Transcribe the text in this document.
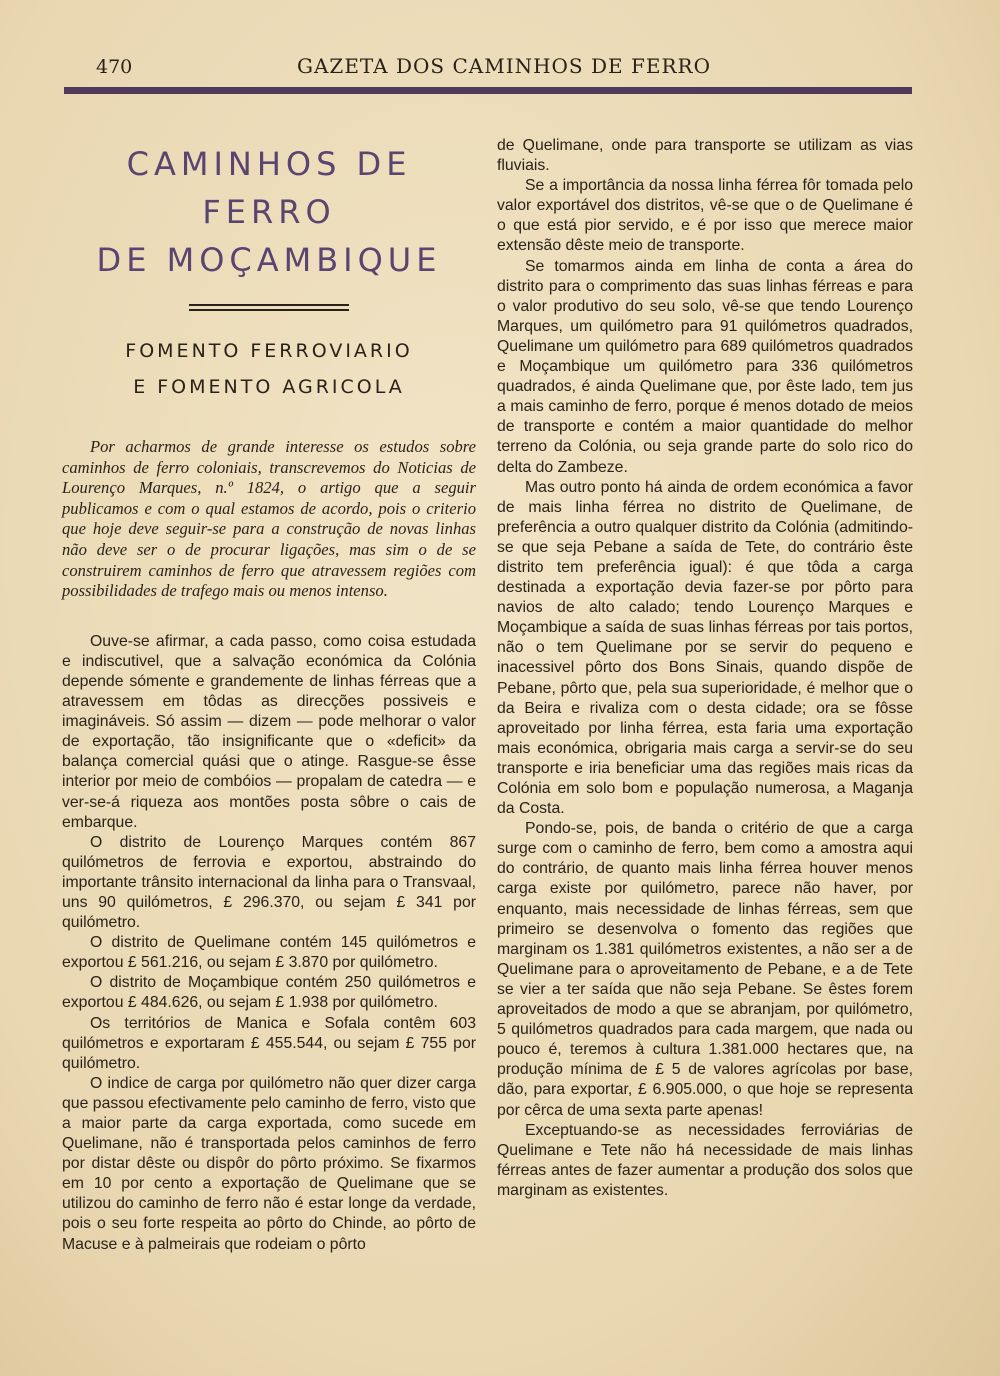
470	GAZETA DOS CAMINHOS DE FERRO
CAMINHOS DE FERRO
DE MOÇAMBIQUE
FOMENTO FERROVIARIO
E FOMENTO AGRICOLA

Por acharmos de grande interesse os estudos sobre caminhos de ferro coloniais, transcrevemos do Noticias de Lourenço Marques, n.º 1824, o artigo que a seguir publicamos e com o qual estamos de acordo, pois o criterio que hoje deve seguir-se para a construção de novas linhas não deve ser o de procurar ligações, mas sim o de se construirem caminhos de ferro que atravessem regiões com possibilidades de trafego mais ou menos intenso.

Ouve-se afirmar, a cada passo, como coisa estudada e indiscutivel, que a salvação económica da Colónia depende sómente e grandemente de linhas férreas que a atravessem em tôdas as direcções possiveis e imagináveis. Só assim — dizem — pode melhorar o valor de exportação, tão insignificante que o «deficit» da balança comercial quási que o atinge. Rasgue-se êsse interior por meio de combóios — propalam de catedra — e ver-se-á riqueza aos montões posta sôbre o cais de embarque.

O distrito de Lourenço Marques contém 867 quilómetros de ferrovia e exportou, abstraindo do importante trânsito internacional da linha para o Transvaal, uns 90 quilómetros, £ 296.370, ou sejam £ 341 por quilómetro.

O distrito de Quelimane contém 145 quilómetros e exportou £ 561.216, ou sejam £ 3.870 por quilómetro.

O distrito de Moçambique contém 250 quilómetros e exportou £ 484.626, ou sejam £ 1.938 por quilómetro.

Os territórios de Manica e Sofala contêm 603 quilómetros e exportaram £ 455.544, ou sejam £ 755 por quilómetro.

O indice de carga por quilómetro não quer dizer carga que passou efectivamente pelo caminho de ferro, visto que a maior parte da carga exportada, como sucede em Quelimane, não é transportada pelos caminhos de ferro por distar dêste ou dispôr do pôrto próximo. Se fixarmos em 10 por cento a exportação de Quelimane que se utilizou do caminho de ferro não é estar longe da verdade, pois o seu forte respeita ao pôrto do Chinde, ao pôrto de Macuse e à palmeirais que rodeiam o pôrto

de Quelimane, onde para transporte se utilizam as vias fluviais.

Se a importância da nossa linha férrea fôr tomada pelo valor exportável dos distritos, vê-se que o de Quelimane é o que está pior servido, e é por isso que merece maior extensão dêste meio de transporte.

Se tomarmos ainda em linha de conta a área do distrito para o comprimento das suas linhas férreas e para o valor produtivo do seu solo, vê-se que tendo Lourenço Marques, um quilómetro para 91 quilómetros quadrados, Quelimane um quilómetro para 689 quilómetros quadrados e Moçambique um quilómetro para 336 quilómetros quadrados, é ainda Quelimane que, por êste lado, tem jus a mais caminho de ferro, porque é menos dotado de meios de transporte e contém a maior quantidade do melhor terreno da Colónia, ou seja grande parte do solo rico do delta do Zambeze.

Mas outro ponto há ainda de ordem económica a favor de mais linha férrea no distrito de Quelimane, de preferência a outro qualquer distrito da Colónia (admitindo-se que seja Pebane a saída de Tete, do contrário êste distrito tem preferência igual): é que tôda a carga destinada a exportação devia fazer-se por pôrto para navios de alto calado; tendo Lourenço Marques e Moçambique a saída de suas linhas férreas por tais portos, não o tem Quelimane por se servir do pequeno e inacessivel pôrto dos Bons Sinais, quando dispõe de Pebane, pôrto que, pela sua superioridade, é melhor que o da Beira e rivaliza com o desta cidade; ora se fôsse aproveitado por linha férrea, esta faria uma exportação mais económica, obrigaria mais carga a servir-se do seu transporte e iria beneficiar uma das regiões mais ricas da Colónia em solo bom e população numerosa, a Maganja da Costa.

Pondo-se, pois, de banda o critério de que a carga surge com o caminho de ferro, bem como a amostra aqui do contrário, de quanto mais linha férrea houver menos carga existe por quilómetro, parece não haver, por enquanto, mais necessidade de linhas férreas, sem que primeiro se desenvolva o fomento das regiões que marginam os 1.381 quilómetros existentes, a não ser a de Quelimane para o aproveitamento de Pebane, e a de Tete se vier a ter saída que não seja Pebane. Se êstes forem aproveitados de modo a que se abranjam, por quilómetro, 5 quilómetros quadrados para cada margem, que nada ou pouco é, teremos à cultura 1.381.000 hectares que, na produção mínima de £ 5 de valores agrícolas por base, dão, para exportar, £ 6.905.000, o que hoje se representa por cêrca de uma sexta parte apenas!

Exceptuando-se as necessidades ferroviárias de Quelimane e Tete não há necessidade de mais linhas férreas antes de fazer aumentar a produção dos solos que marginam as existentes.
